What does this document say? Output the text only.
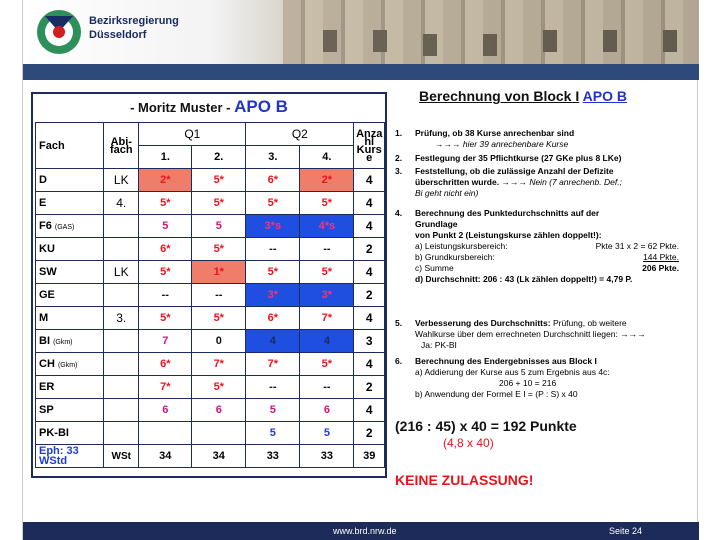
Bezirksregierung
Düsseldorf
- Moritz Muster - APO B
Fach	Abi-fach	Q1		Q2		Anza hl Kurs e
		1.	2.	3.	4.	
D	LK	2*	5*	6*	2*	4
E	4.	5*	5*	5*	5*	4
F6 (GAS)		5	5	3*s	4*s	4
KU		6*	5*	--	--	2
SW	LK	5*	1*	5*	5*	4
GE		--	--	3*	3*	2
M	3.	5*	5*	6*	7*	4
BI (Gkm)		7	0	4	4	3
CH (Gkm)		6*	7*	7*	5*	4
ER		7*	5*	--	--	2
SP		6	6	5	6	4
PK-BI				5	5	2

Eph: 33
WStd	WSt	34	34	33	33	39
Berechnung von Block I APO B
1. Prüfung, ob 38 Kurse anrechenbar sind
→→→ hier 39 anrechenbare Kurse
2. Festlegung der 35 Pflichtkurse (27 GKe plus 8 LKe)
3. Feststellung, ob die zulässige Anzahl der Defizite
überschritten wurde. →→→ Nein (7 anrechenb. Def.;
Bi geht nicht ein)
4. Berechnung des Punktedurchschnitts auf der
Grundlage
von Punkt 2 (Leistungskurse zählen doppelt!):
a) Leistungskursbereich:	Pkte 31 x 2 = 62 Pkte.
b) Grundkursbereich:	144 Pkte.
c) Summe	206 Pkte.
d) Durchschnitt: 206 : 43 (Lk zählen doppelt!) = 4,79 P.
5. Verbesserung des Durchschnitts: Prüfung, ob weitere
Wahlkurse über dem errechneten Durchschnitt liegen: →→→
Ja: PK-BI
6. Berechnung des Endergebnisses aus Block I
a) Addierung der Kurse aus 5 zum Ergebnis aus 4c:
206 + 10 = 216
b) Anwendung der Formel E I = (P : S) x 40
(216 : 45) x 40 = 192 Punkte
(4,8 x 40)
KEINE ZULASSUNG!
www.brd.nrw.de	Seite 24
